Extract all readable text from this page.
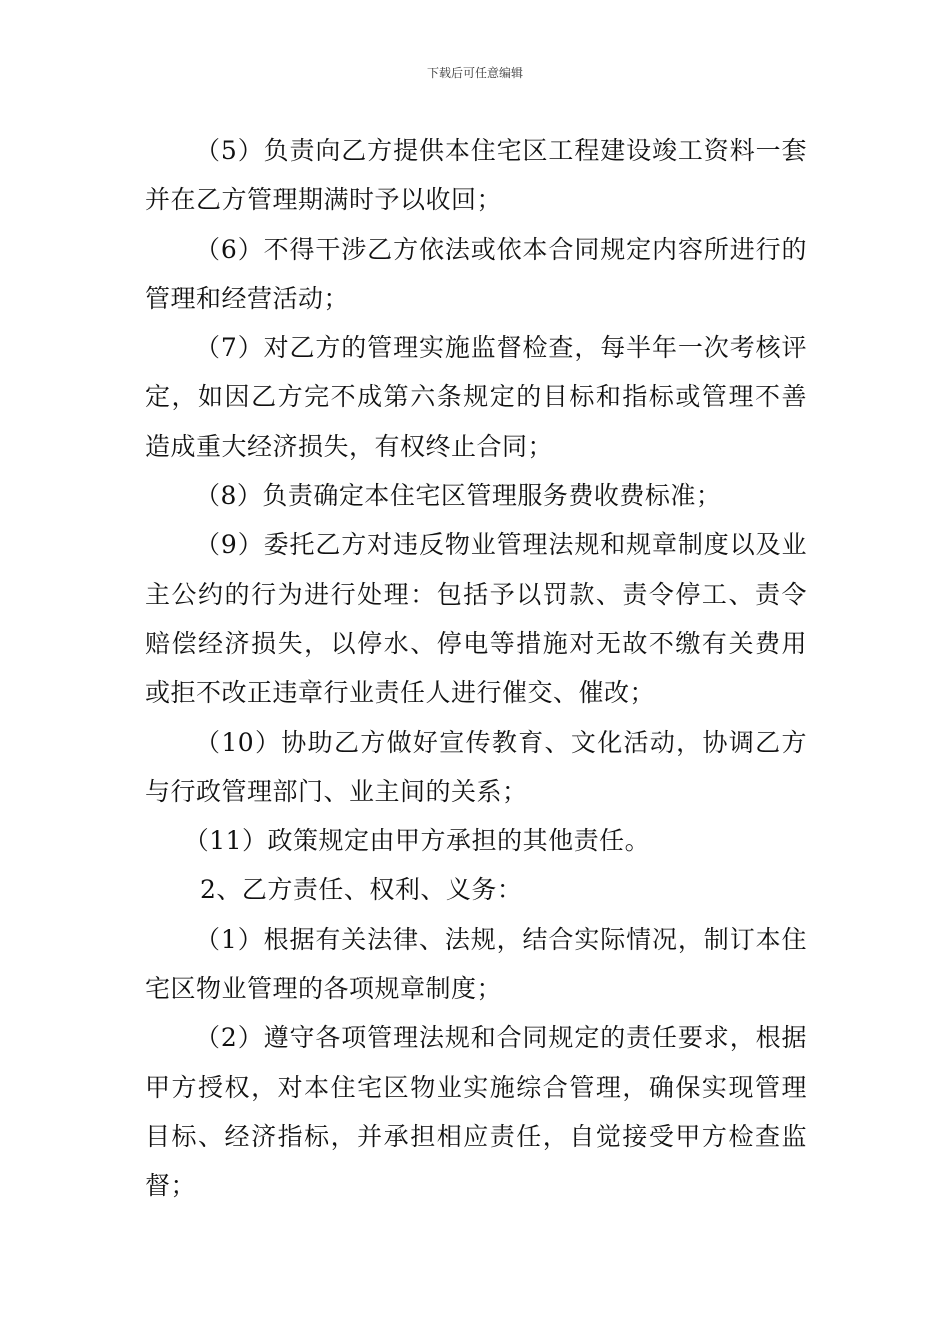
下载后可任意编辑

（5）负责向乙方提供本住宅区工程建设竣工资料一套并在乙方管理期满时予以收回；

（6）不得干涉乙方依法或依本合同规定内容所进行的管理和经营活动；

（7）对乙方的管理实施监督检查，每半年一次考核评定，如因乙方完不成第六条规定的目标和指标或管理不善造成重大经济损失，有权终止合同；

（8）负责确定本住宅区管理服务费收费标准；

（9）委托乙方对违反物业管理法规和规章制度以及业主公约的行为进行处理：包括予以罚款、责令停工、责令赔偿经济损失，以停水、停电等措施对无故不缴有关费用或拒不改正违章行业责任人进行催交、催改；

（10）协助乙方做好宣传教育、文化活动，协调乙方与行政管理部门、业主间的关系；

（11）政策规定由甲方承担的其他责任。

2、乙方责任、权利、义务：

（1）根据有关法律、法规，结合实际情况，制订本住宅区物业管理的各项规章制度；

（2）遵守各项管理法规和合同规定的责任要求，根据甲方授权，对本住宅区物业实施综合管理，确保实现管理目标、经济指标，并承担相应责任，自觉接受甲方检查监督；
